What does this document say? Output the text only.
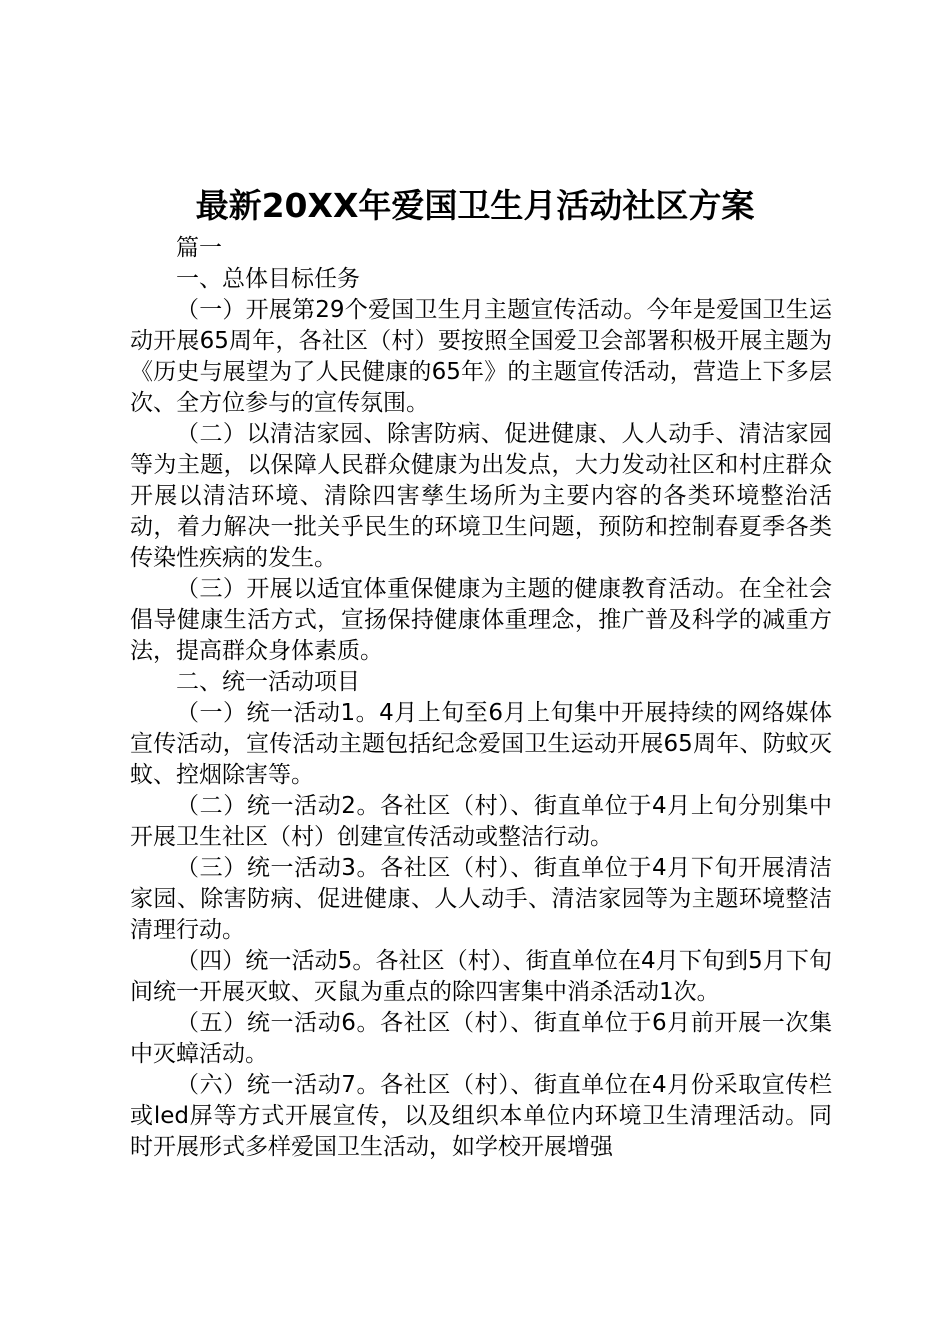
最新20XX年爱国卫生月活动社区方案

篇一

一、总体目标任务

（一）开展第29个爱国卫生月主题宣传活动。今年是爱国卫生运动开展65周年，各社区（村）要按照全国爱卫会部署积极开展主题为《历史与展望为了人民健康的65年》的主题宣传活动，营造上下多层次、全方位参与的宣传氛围。

（二）以清洁家园、除害防病、促进健康、人人动手、清洁家园等为主题，以保障人民群众健康为出发点，大力发动社区和村庄群众开展以清洁环境、清除四害孳生场所为主要内容的各类环境整治活动，着力解决一批关乎民生的环境卫生问题，预防和控制春夏季各类传染性疾病的发生。

（三）开展以适宜体重保健康为主题的健康教育活动。在全社会倡导健康生活方式，宣扬保持健康体重理念，推广普及科学的减重方法，提高群众身体素质。

二、统一活动项目

（一）统一活动1。4月上旬至6月上旬集中开展持续的网络媒体宣传活动，宣传活动主题包括纪念爱国卫生运动开展65周年、防蚊灭蚊、控烟除害等。

（二）统一活动2。各社区（村）、街直单位于4月上旬分别集中开展卫生社区（村）创建宣传活动或整洁行动。

（三）统一活动3。各社区（村）、街直单位于4月下旬开展清洁家园、除害防病、促进健康、人人动手、清洁家园等为主题环境整洁清理行动。

（四）统一活动5。各社区（村）、街直单位在4月下旬到5月下旬间统一开展灭蚊、灭鼠为重点的除四害集中消杀活动1次。

（五）统一活动6。各社区（村）、街直单位于6月前开展一次集中灭蟑活动。

（六）统一活动7。各社区（村）、街直单位在4月份采取宣传栏或led屏等方式开展宣传，以及组织本单位内环境卫生清理活动。同时开展形式多样爱国卫生活动，如学校开展增强
